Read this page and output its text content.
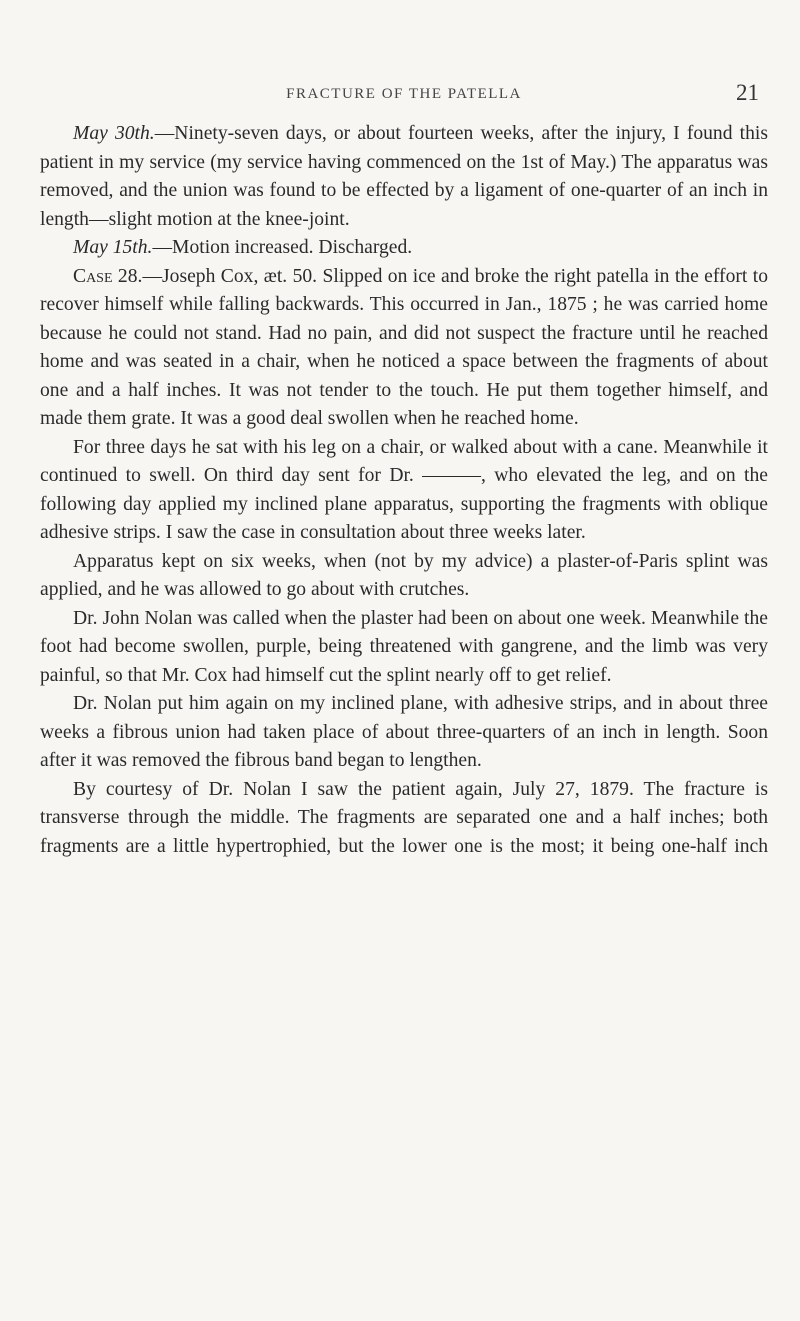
FRACTURE OF THE PATELLA	21

May 30th.—Ninety-seven days, or about fourteen weeks, after the injury, I found this patient in my service (my service having commenced on the 1st of May.) The apparatus was removed, and the union was found to be effected by a ligament of one-quarter of an inch in length—slight motion at the knee-joint.

May 15th.—Motion increased. Discharged.

Case 28.—Joseph Cox, æt. 50. Slipped on ice and broke the right patella in the effort to recover himself while falling backwards. This occurred in Jan., 1875 ; he was carried home because he could not stand. Had no pain, and did not suspect the fracture until he reached home and was seated in a chair, when he noticed a space between the fragments of about one and a half inches. It was not tender to the touch. He put them together himself, and made them grate. It was a good deal swollen when he reached home.

For three days he sat with his leg on a chair, or walked about with a cane. Meanwhile it continued to swell. On third day sent for Dr. ———, who elevated the leg, and on the following day applied my inclined plane apparatus, supporting the fragments with oblique adhesive strips. I saw the case in consultation about three weeks later.

Apparatus kept on six weeks, when (not by my advice) a plaster-of-Paris splint was applied, and he was allowed to go about with crutches.

Dr. John Nolan was called when the plaster had been on about one week. Meanwhile the foot had become swollen, purple, being threatened with gangrene, and the limb was very painful, so that Mr. Cox had himself cut the splint nearly off to get relief.

Dr. Nolan put him again on my inclined plane, with adhesive strips, and in about three weeks a fibrous union had taken place of about three-quarters of an inch in length. Soon after it was removed the fibrous band began to lengthen.

By courtesy of Dr. Nolan I saw the patient again, July 27, 1879. The fracture is transverse through the middle. The fragments are separated one and a half inches; both fragments are a little hypertrophied, but the lower one is the most; it being one-half inch
